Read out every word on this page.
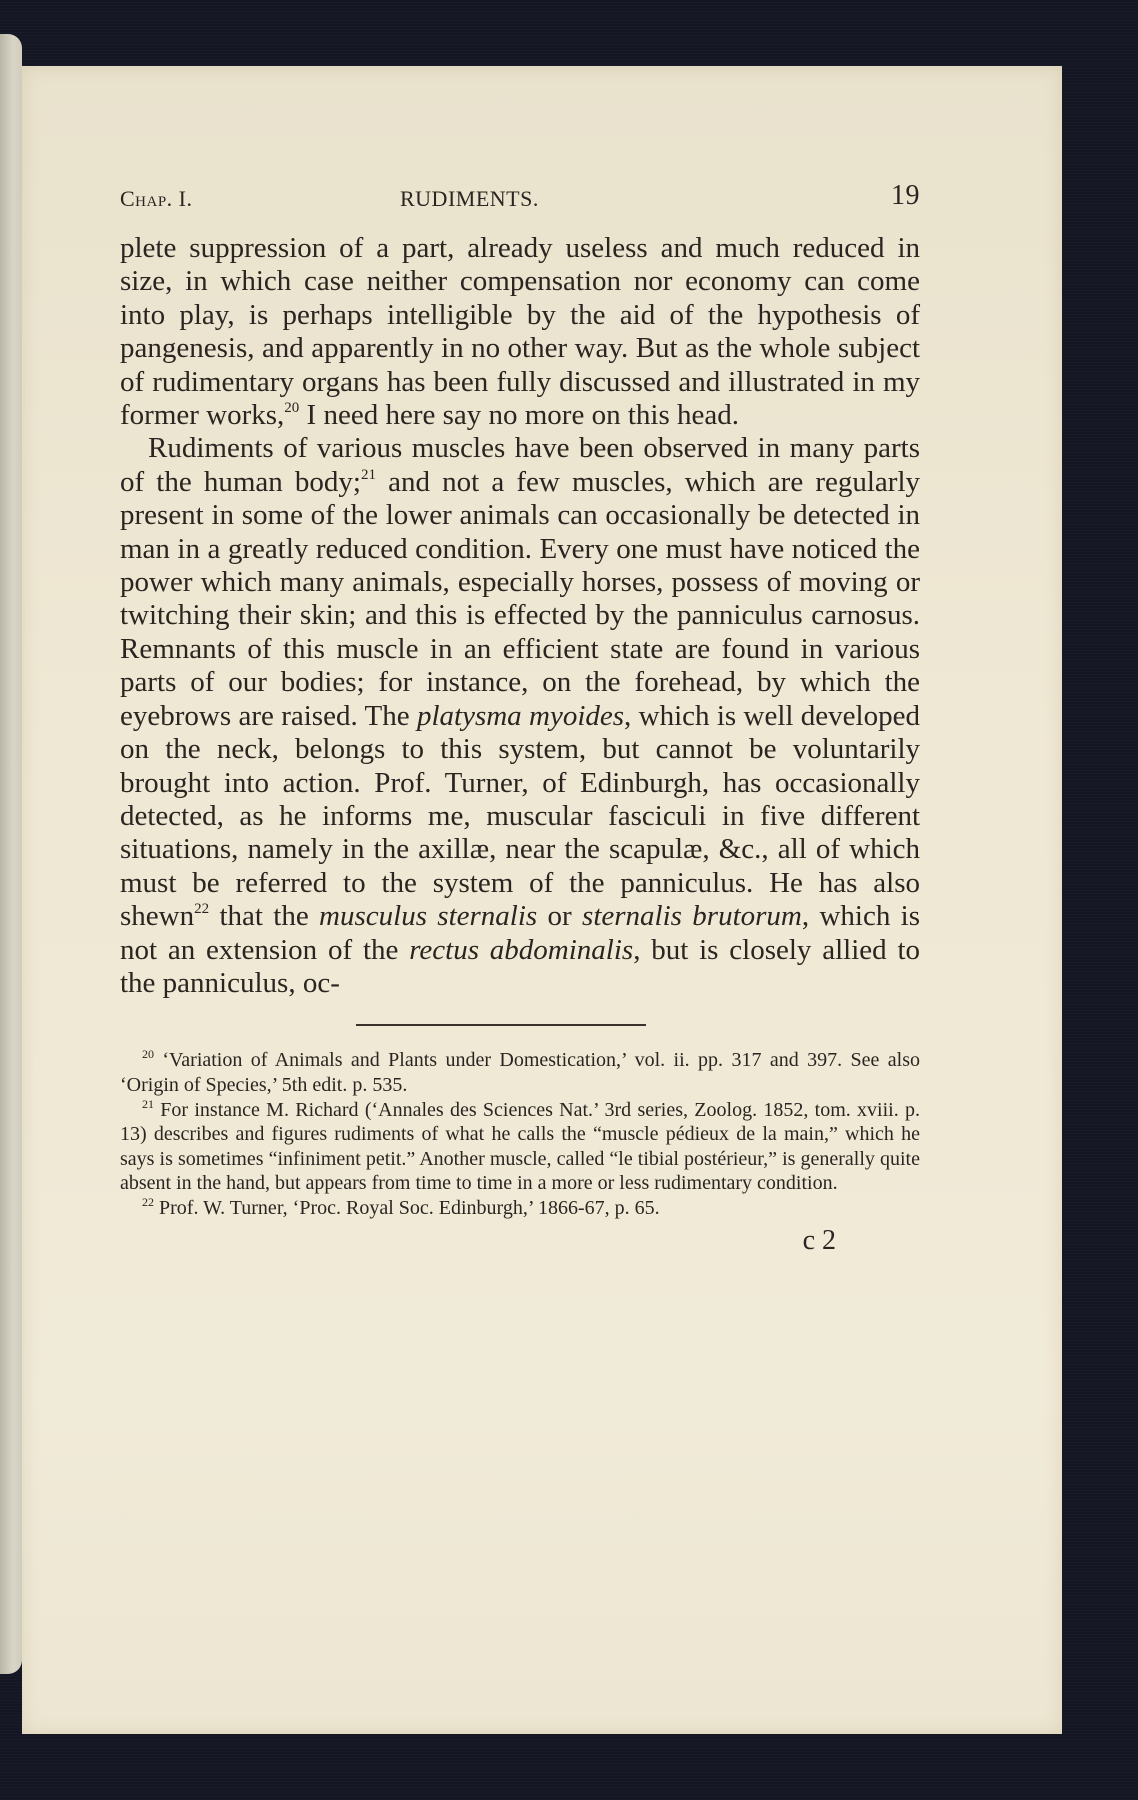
Chap. I.	RUDIMENTS.	19

plete suppression of a part, already useless and much reduced in size, in which case neither compensation nor economy can come into play, is perhaps intelligible by the aid of the hypothesis of pangenesis, and apparently in no other way. But as the whole subject of rudimentary organs has been fully discussed and illustrated in my former works,$^{20}$ I need here say no more on this head.

Rudiments of various muscles have been observed in many parts of the human body;$^{21}$ and not a few muscles, which are regularly present in some of the lower animals can occasionally be detected in man in a greatly reduced condition. Every one must have noticed the power which many animals, especially horses, possess of moving or twitching their skin; and this is effected by the panniculus carnosus. Remnants of this muscle in an efficient state are found in various parts of our bodies; for instance, on the forehead, by which the eyebrows are raised. The platysma myoides, which is well developed on the neck, belongs to this system, but cannot be voluntarily brought into action. Prof. Turner, of Edinburgh, has occasionally detected, as he informs me, muscular fasciculi in five different situations, namely in the axillæ, near the scapulæ, &c., all of which must be referred to the system of the panniculus. He has also shewn$^{22}$ that the musculus sternalis or sternalis brutorum, which is not an extension of the rectus abdominalis, but is closely allied to the panniculus, oc-

$^{20}$ ‘Variation of Animals and Plants under Domestication,’ vol. ii. pp. 317 and 397. See also ‘Origin of Species,’ 5th edit. p. 535.

$^{21}$ For instance M. Richard (‘Annales des Sciences Nat.’ 3rd series, Zoolog. 1852, tom. xviii. p. 13) describes and figures rudiments of what he calls the “muscle pédieux de la main,” which he says is sometimes “infiniment petit.” Another muscle, called “le tibial postérieur,” is generally quite absent in the hand, but appears from time to time in a more or less rudimentary condition.

$^{22}$ Prof. W. Turner, ‘Proc. Royal Soc. Edinburgh,’ 1866-67, p. 65.

c 2
